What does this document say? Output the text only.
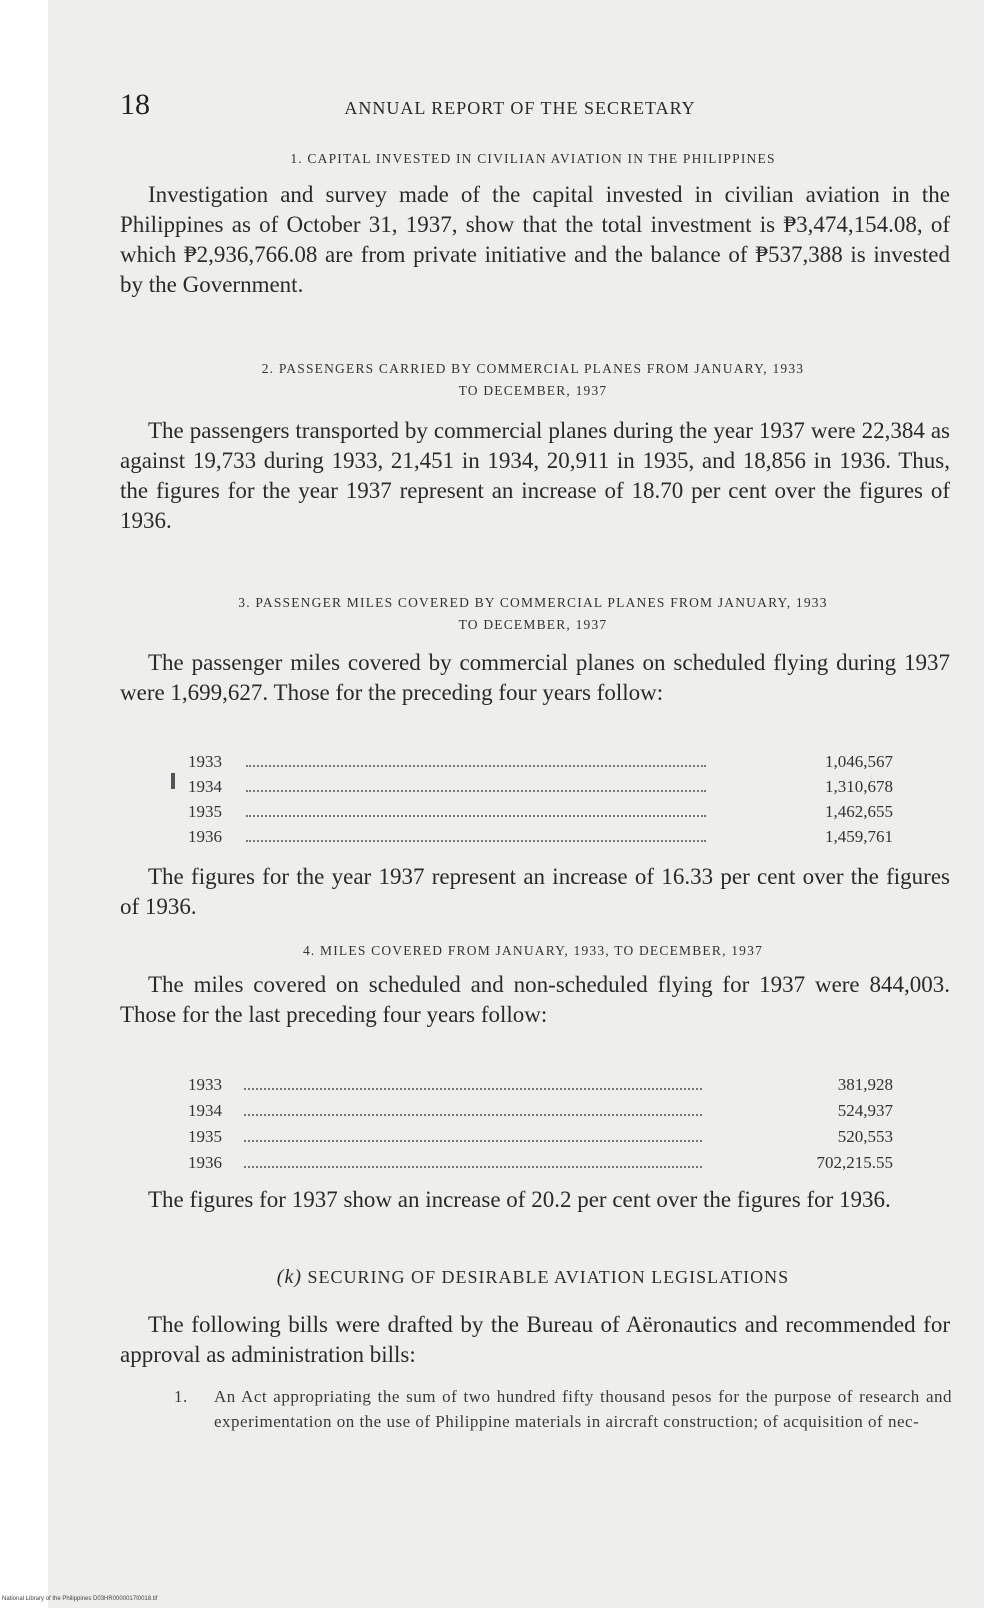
18	ANNUAL REPORT OF THE SECRETARY
1. CAPITAL INVESTED IN CIVILIAN AVIATION IN THE PHILIPPINES
Investigation and survey made of the capital invested in civilian aviation in the Philippines as of October 31, 1937, show that the total investment is ₱3,474,154.08, of which ₱2,936,766.08 are from private initiative and the balance of ₱537,388 is invested by the Government.
2. PASSENGERS CARRIED BY COMMERCIAL PLANES FROM JANUARY, 1933
TO DECEMBER, 1937
The passengers transported by commercial planes during the year 1937 were 22,384 as against 19,733 during 1933, 21,451 in 1934, 20,911 in 1935, and 18,856 in 1936. Thus, the figures for the year 1937 represent an increase of 18.70 per cent over the figures of 1936.
3. PASSENGER MILES COVERED BY COMMERCIAL PLANES FROM JANUARY, 1933
TO DECEMBER, 1937
The passenger miles covered by commercial planes on scheduled flying during 1937 were 1,699,627. Those for the preceding four years follow:
1933	1,046,567
1934	1,310,678
1935	1,462,655
1936	1,459,761
The figures for the year 1937 represent an increase of 16.33 per cent over the figures of 1936.
4. MILES COVERED FROM JANUARY, 1933, TO DECEMBER, 1937
The miles covered on scheduled and non-scheduled flying for 1937 were 844,003. Those for the last preceding four years follow:
1933	381,928
1934	524,937
1935	520,553
1936	702,215.55
The figures for 1937 show an increase of 20.2 per cent over the figures for 1936.
(k) SECURING OF DESIRABLE AVIATION LEGISLATIONS
The following bills were drafted by the Bureau of Aëronautics and recommended for approval as administration bills:
1. An Act appropriating the sum of two hundred fifty thousand pesos for the purpose of research and experimentation on the use of Philippine materials in aircraft construction; of acquisition of nec-
National Library of the Philippines D03HR0000017I0018.tif
